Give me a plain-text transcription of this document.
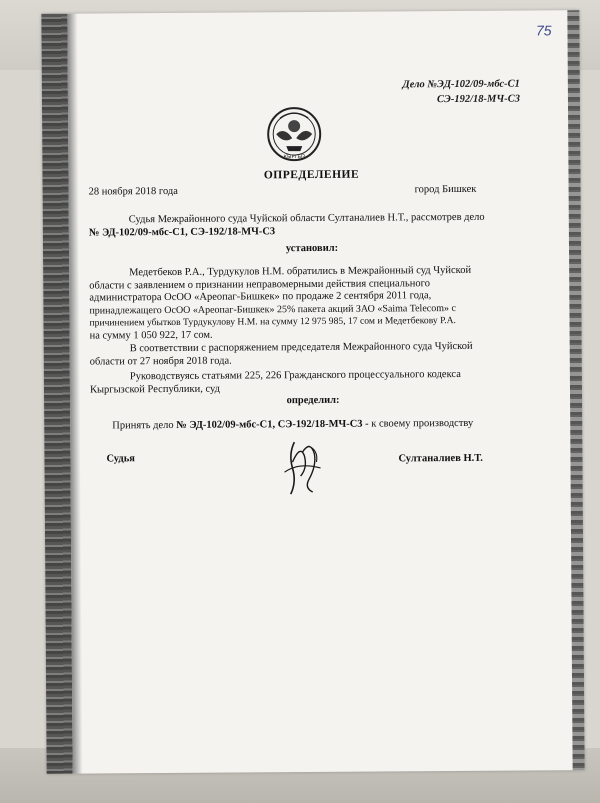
75
Дело №ЭД-102/09-мбс-С1
СЭ-192/18-МЧ-С3
КЫРГЫЗ
ОПРЕДЕЛЕНИЕ
28 ноября 2018 года	город Бишкек
Судья Межрайонного суда Чуйской области Султаналиев Н.Т., рассмотрев дело
№ ЭД-102/09-мбс-С1, СЭ-192/18-МЧ-С3
установил:
Медетбеков Р.А., Турдукулов Н.М. обратились в Межрайонный суд Чуйской
области с заявлением о признании неправомерными действия специального
администратора ОсОО «Ареопаг-Бишкек» по продаже 2 сентября 2011 года,
принадлежащего ОсОО «Ареопаг-Бишкек» 25% пакета акций ЗАО «Saima Telecom» с
причинением убытков Турдукулову Н.М. на сумму 12 975 985, 17 сом и Медетбекову Р.А.
на сумму 1 050 922, 17 сом.
В соответствии с распоряжением председателя Межрайонного суда Чуйской
области от 27 ноября 2018 года.
Руководствуясь статьями 225, 226 Гражданского процессуального кодекса
Кыргызской Республики, суд
определил:
Принять дело № ЭД-102/09-мбс-С1, СЭ-192/18-МЧ-С3 - к своему производству
Судья	Султаналиев Н.Т.
